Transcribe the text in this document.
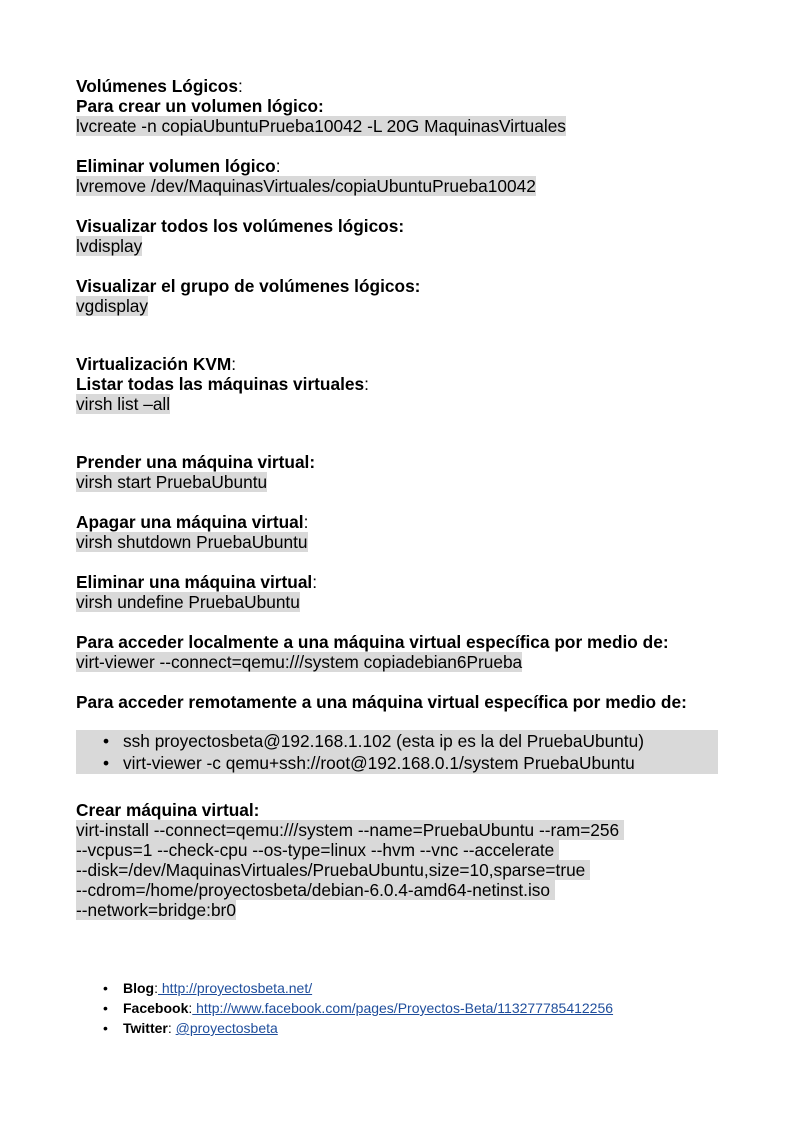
Volúmenes Lógicos:
Para crear un volumen lógico:
lvcreate -n copiaUbuntuPrueba10042 -L 20G MaquinasVirtuales
Eliminar volumen lógico:
lvremove /dev/MaquinasVirtuales/copiaUbuntuPrueba10042
Visualizar todos los volúmenes lógicos:
lvdisplay
Visualizar el grupo de volúmenes lógicos:
vgdisplay
Virtualización KVM:
Listar todas las máquinas virtuales:
virsh list –all
Prender una máquina virtual:
virsh start PruebaUbuntu
Apagar una máquina virtual:
virsh shutdown PruebaUbuntu
Eliminar una máquina virtual:
virsh undefine PruebaUbuntu
Para acceder localmente a una máquina virtual específica por medio de:
virt-viewer --connect=qemu:///system copiadebian6Prueba
Para acceder remotamente a una máquina virtual específica por medio de:
• ssh proyectosbeta@192.168.1.102 (esta ip es la del PruebaUbuntu)
• virt-viewer -c qemu+ssh://root@192.168.0.1/system PruebaUbuntu
Crear máquina virtual:
virt-install --connect=qemu:///system --name=PruebaUbuntu --ram=256
--vcpus=1 --check-cpu --os-type=linux --hvm --vnc --accelerate
--disk=/dev/MaquinasVirtuales/PruebaUbuntu,size=10,sparse=true
--cdrom=/home/proyectosbeta/debian-6.0.4-amd64-netinst.iso
--network=bridge:br0
• Blog: http://proyectosbeta.net/
• Facebook: http://www.facebook.com/pages/Proyectos-Beta/113277785412256
• Twitter: @proyectosbeta
